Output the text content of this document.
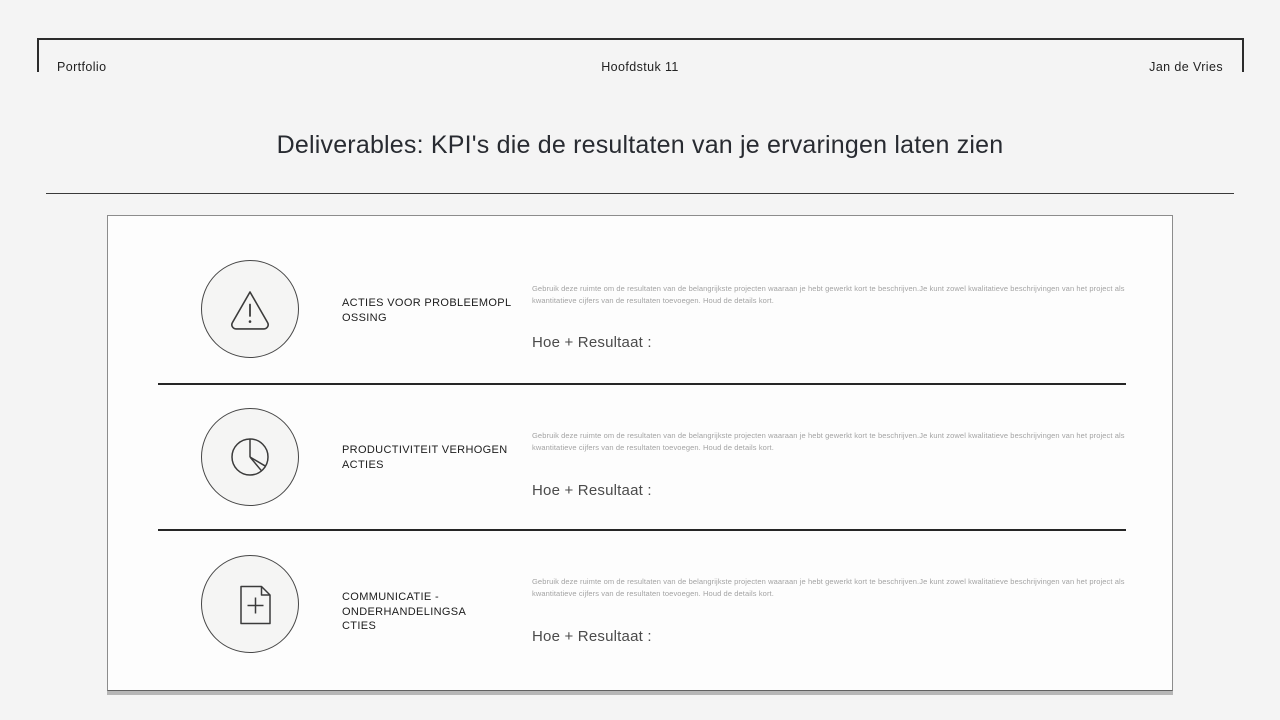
Portfolio	Hoofdstuk 11	Jan de Vries
Deliverables: KPI's die de resultaten van je ervaringen laten zien
ACTIES VOOR PROBLEEMOPL
OSSING
Gebruik deze ruimte om de resultaten van de belangrijkste projecten waaraan je hebt gewerkt kort te beschrijven.Je kunt zowel kwalitatieve beschrijvingen van het project als kwantitatieve cijfers van de resultaten toevoegen. Houd de details kort.
Hoe + Resultaat :
PRODUCTIVITEIT VERHOGEN
ACTIES
Gebruik deze ruimte om de resultaten van de belangrijkste projecten waaraan je hebt gewerkt kort te beschrijven.Je kunt zowel kwalitatieve beschrijvingen van het project als kwantitatieve cijfers van de resultaten toevoegen. Houd de details kort.
Hoe + Resultaat :
COMMUNICATIE - ONDERHANDELINGSA
CTIES
Gebruik deze ruimte om de resultaten van de belangrijkste projecten waaraan je hebt gewerkt kort te beschrijven.Je kunt zowel kwalitatieve beschrijvingen van het project als kwantitatieve cijfers van de resultaten toevoegen. Houd de details kort.
Hoe + Resultaat :
